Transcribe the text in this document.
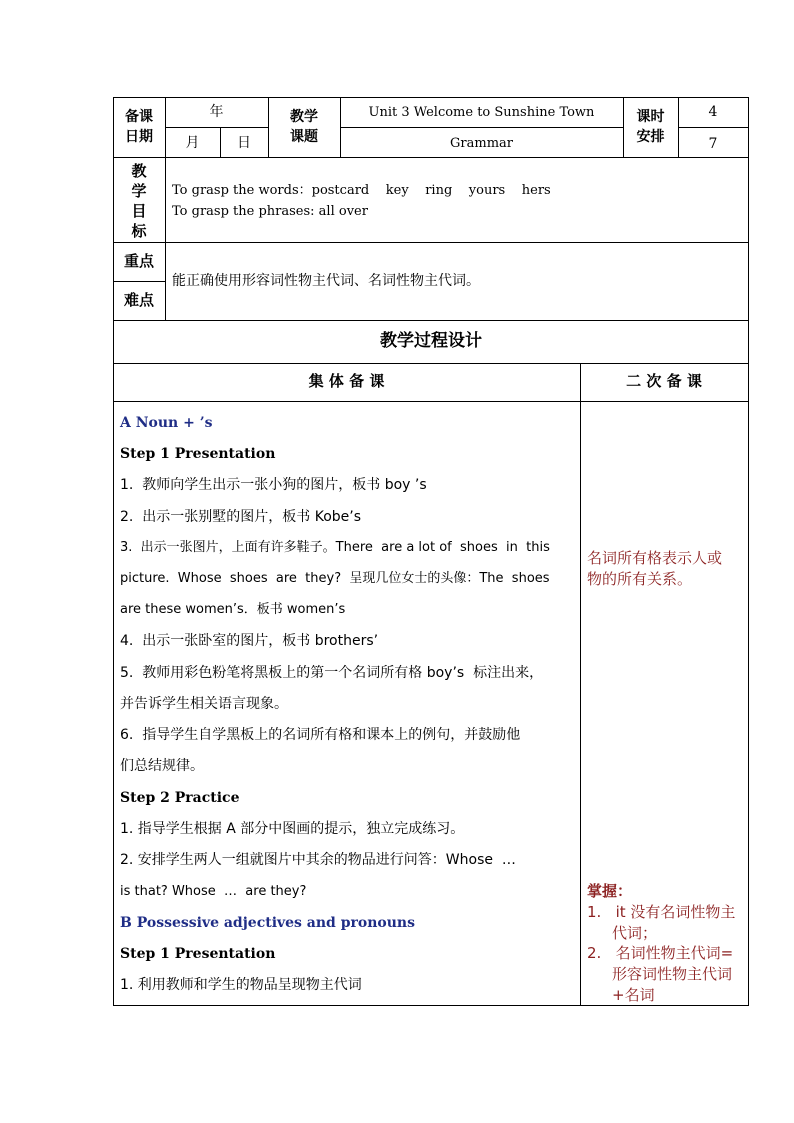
备课
日期
年
月	日
教学
课题
Unit 3 Welcome to Sunshine Town
Grammar
课时
安排
4
7
教
学
目
标
To grasp the words：postcard    key    ring    yours    hers
To grasp the phrases: all over
重点
难点
能正确使用形容词性物主代词、名词性物主代词。
教学过程设计
集 体 备 课	二 次 备 课
A Noun + ’s
Step 1 Presentation
1.  教师向学生出示一张小狗的图片，板书 boy ’s
2.  出示一张别墅的图片，板书 Kobe’s
3.  出示一张图片，上面有许多鞋子。There  are a lot of  shoes  in  this
picture.  Whose  shoes  are  they?  呈现几位女士的头像：The  shoes
are these women’s．板书 women’s
4.  出示一张卧室的图片，板书 brothers’
5.  教师用彩色粉笔将黑板上的第一个名词所有格 boy’s  标注出来，
并告诉学生相关语言现象。
6.  指导学生自学黑板上的名词所有格和课本上的例句，并鼓励他
们总结规律。
Step 2 Practice
1. 指导学生根据 A 部分中图画的提示，独立完成练习。
2. 安排学生两人一组就图片中其余的物品进行问答：Whose  …
is that? Whose  …  are they?
B Possessive adjectives and pronouns
Step 1 Presentation
1. 利用教师和学生的物品呈现物主代词
名词所有格表示人或
物的所有关系。
掌握：
1.   it 没有名词性物主
代词；
2.   名词性物主代词=
形容词性物主代词
+名词
